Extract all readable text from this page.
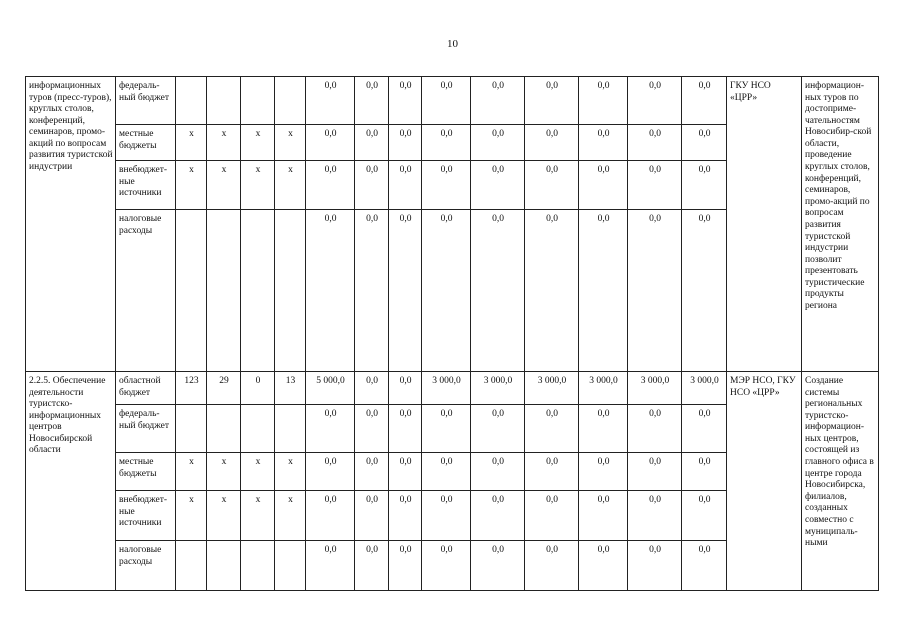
10
информационных туров (пресс-туров), круглых столов, конференций, семинаров, промо-акций по вопросам развития туристской индустрии	федераль-ный бюджет					0,0	0,0	0,0	0,0	0,0	0,0	0,0	0,0	0,0	ГКУ НСО «ЦРР»	информацион-ных туров по достоприме-чательностям Новосибир-ской области, проведение круглых столов, конференций, семинаров, промо-акций по вопросам развития туристской индустрии позволит презентовать туристические продукты региона
	местные бюджеты	х	х	х	х	0,0	0,0	0,0	0,0	0,0	0,0	0,0	0,0	0,0		
	внебюджет-ные источники	х	х	х	х	0,0	0,0	0,0	0,0	0,0	0,0	0,0	0,0	0,0		
	налоговые расходы					0,0	0,0	0,0	0,0	0,0	0,0	0,0	0,0	0,0		
2.2.5. Обеспечение деятельности туристско-информационных центров Новосибирской области	областной бюджет	123	29	0	13	5 000,0	0,0	0,0	3 000,0	3 000,0	3 000,0	3 000,0	3 000,0	3 000,0	МЭР НСО, ГКУ НСО «ЦРР»	Создание системы региональных туристско-информацион-ных центров, состоящей из главного офиса в центре города Новосибирска, филиалов, созданных совместно с муниципаль-ными
	федераль-ный бюджет					0,0	0,0	0,0	0,0	0,0	0,0	0,0	0,0	0,0		
	местные бюджеты	х	х	х	х	0,0	0,0	0,0	0,0	0,0	0,0	0,0	0,0	0,0		
	внебюджет-ные источники	х	х	х	х	0,0	0,0	0,0	0,0	0,0	0,0	0,0	0,0	0,0		
	налоговые расходы					0,0	0,0	0,0	0,0	0,0	0,0	0,0	0,0	0,0		
